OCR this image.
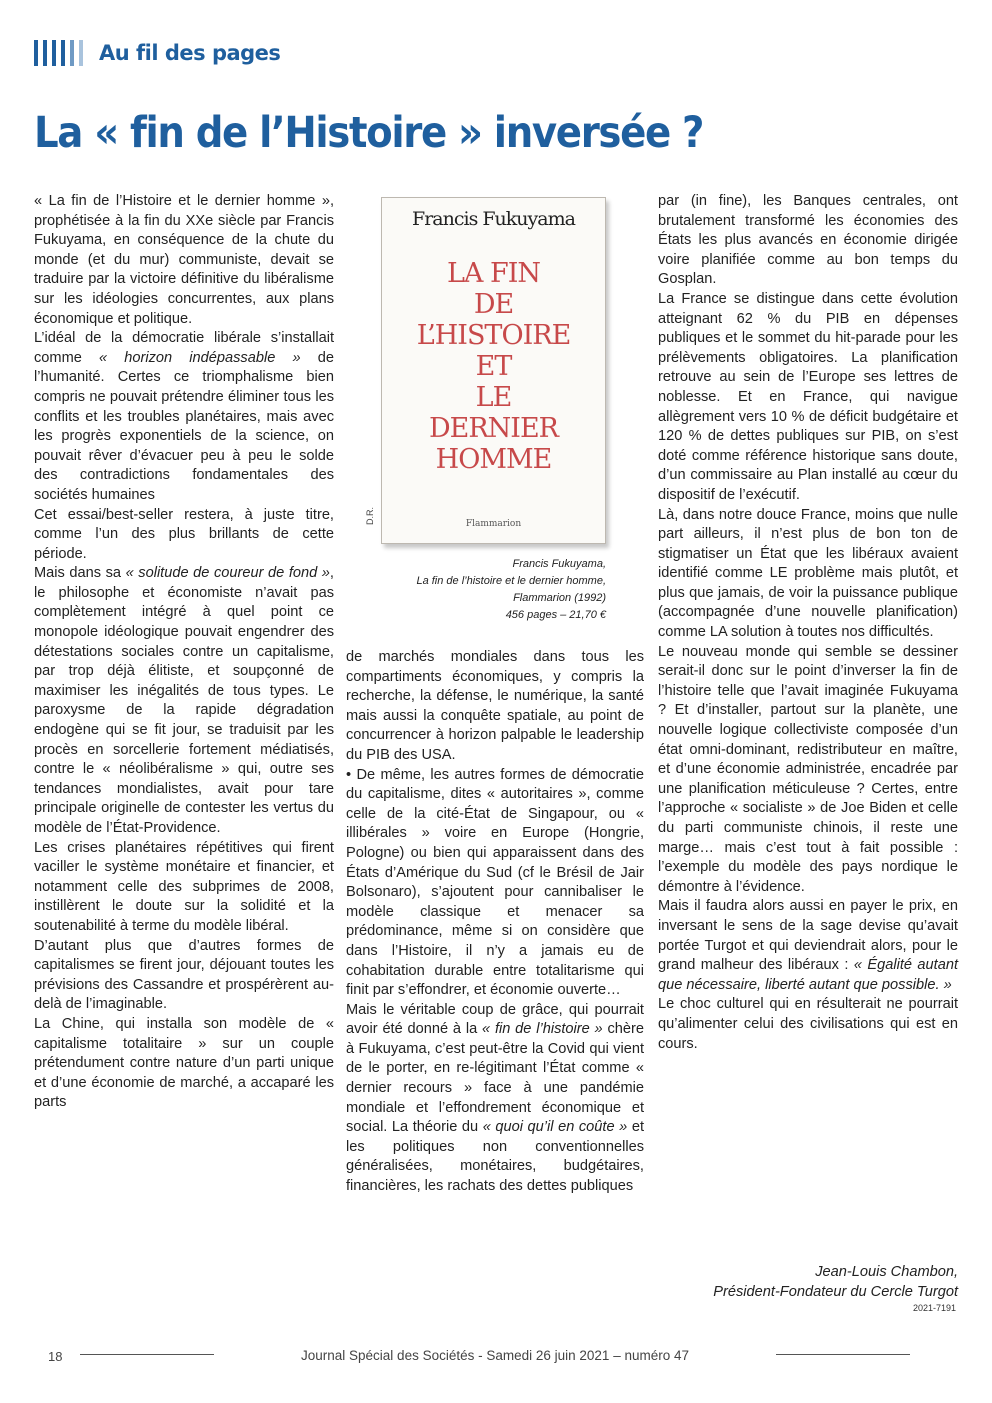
Au fil des pages
La « fin de l’Histoire » inversée ?

« La fin de l’Histoire et le dernier homme », prophétisée à la fin du XXe siècle par Francis Fukuyama, en conséquence de la chute du monde (et du mur) communiste, devait se traduire par la victoire définitive du libéralisme sur les idéologies concurrentes, aux plans économique et politique.

L’idéal de la démocratie libérale s’installait comme « horizon indépassable » de l’humanité. Certes ce triomphalisme bien compris ne pouvait prétendre éliminer tous les conflits et les troubles planétaires, mais avec les progrès exponentiels de la science, on pouvait rêver d’évacuer peu à peu le solde des contradictions fondamentales des sociétés humaines

Cet essai/best-seller restera, à juste titre, comme l’un des plus brillants de cette période.

Mais dans sa « solitude de coureur de fond », le philosophe et économiste n’avait pas complètement intégré à quel point ce monopole idéologique pouvait engendrer des détestations sociales contre un capitalisme, par trop déjà élitiste, et soupçonné de maximiser les inégalités de tous types. Le paroxysme de la rapide dégradation endogène qui se fit jour, se traduisit par les procès en sorcellerie fortement médiatisés, contre le « néolibéralisme » qui, outre ses tendances mondialistes, avait pour tare principale originelle de contester les vertus du modèle de l’État-Providence.

Les crises planétaires répétitives qui firent vaciller le système monétaire et financier, et notamment celle des subprimes de 2008, instillèrent le doute sur la solidité et la soutenabilité à terme du modèle libéral.

D’autant plus que d’autres formes de capitalismes se firent jour, déjouant toutes les prévisions des Cassandre et prospérèrent au-delà de l’imaginable.

La Chine, qui installa son modèle de « capitalisme totalitaire » sur un couple prétendument contre nature d’un parti unique et d’une économie de marché, a accaparé les parts

Francis Fukuyama
LA FIN
DE
L’HISTOIRE
ET
LE
DERNIER
HOMME
Flammarion
D.R.
Francis Fukuyama,
La fin de l’histoire et le dernier homme,
Flammarion (1992)
456 pages – 21,70 €

de marchés mondiales dans tous les compartiments économiques, y compris la recherche, la défense, le numérique, la santé mais aussi la conquête spatiale, au point de concurrencer à horizon palpable le leadership du PIB des USA.

• De même, les autres formes de démocratie du capitalisme, dites « autoritaires », comme celle de la cité-État de Singapour, ou « illibérales » voire en Europe (Hongrie, Pologne) ou bien qui apparaissent dans des États d’Amérique du Sud (cf le Brésil de Jair Bolsonaro), s’ajoutent pour cannibaliser le modèle classique et menacer sa prédominance, même si on considère que dans l’Histoire, il n’y a jamais eu de cohabitation durable entre totalitarisme qui finit par s’effondrer, et économie ouverte…

Mais le véritable coup de grâce, qui pourrait avoir été donné à la « fin de l’histoire » chère à Fukuyama, c’est peut-être la Covid qui vient de le porter, en re-légitimant l’État comme « dernier recours » face à une pandémie mondiale et l’effondrement économique et social. La théorie du « quoi qu’il en coûte » et les politiques non conventionnelles généralisées, monétaires, budgétaires, financières, les rachats des dettes publiques

par (in fine), les Banques centrales, ont brutalement transformé les économies des États les plus avancés en économie dirigée voire planifiée comme au bon temps du Gosplan.

La France se distingue dans cette évolution atteignant 62 % du PIB en dépenses publiques et le sommet du hit-parade pour les prélèvements obligatoires. La planification retrouve au sein de l’Europe ses lettres de noblesse. Et en France, qui navigue allègrement vers 10 % de déficit budgétaire et 120 % de dettes publiques sur PIB, on s’est doté comme référence historique sans doute, d’un commissaire au Plan installé au cœur du dispositif de l’exécutif.

Là, dans notre douce France, moins que nulle part ailleurs, il n’est plus de bon ton de stigmatiser un État que les libéraux avaient identifié comme LE problème mais plutôt, et plus que jamais, de voir la puissance publique (accompagnée d’une nouvelle planification) comme LA solution à toutes nos difficultés.

Le nouveau monde qui semble se dessiner serait-il donc sur le point d’inverser la fin de l’histoire telle que l’avait imaginée Fukuyama ? Et d’installer, partout sur la planète, une nouvelle logique collectiviste composée d’un état omni-dominant, redistributeur en maître, et d’une économie administrée, encadrée par une planification méticuleuse ? Certes, entre l’approche « socialiste » de Joe Biden et celle du parti communiste chinois, il reste une marge… mais c’est tout à fait possible : l’exemple du modèle des pays nordique le démontre à l’évidence.

Mais il faudra alors aussi en payer le prix, en inversant le sens de la sage devise qu’avait portée Turgot et qui deviendrait alors, pour le grand malheur des libéraux : « Égalité autant que nécessaire, liberté autant que possible. »

Le choc culturel qui en résulterait ne pourrait qu’alimenter celui des civilisations qui est en cours.

Jean-Louis Chambon,
Président-Fondateur du Cercle Turgot
2021-7191
18	Journal Spécial des Sociétés - Samedi 26 juin 2021 – numéro 47
